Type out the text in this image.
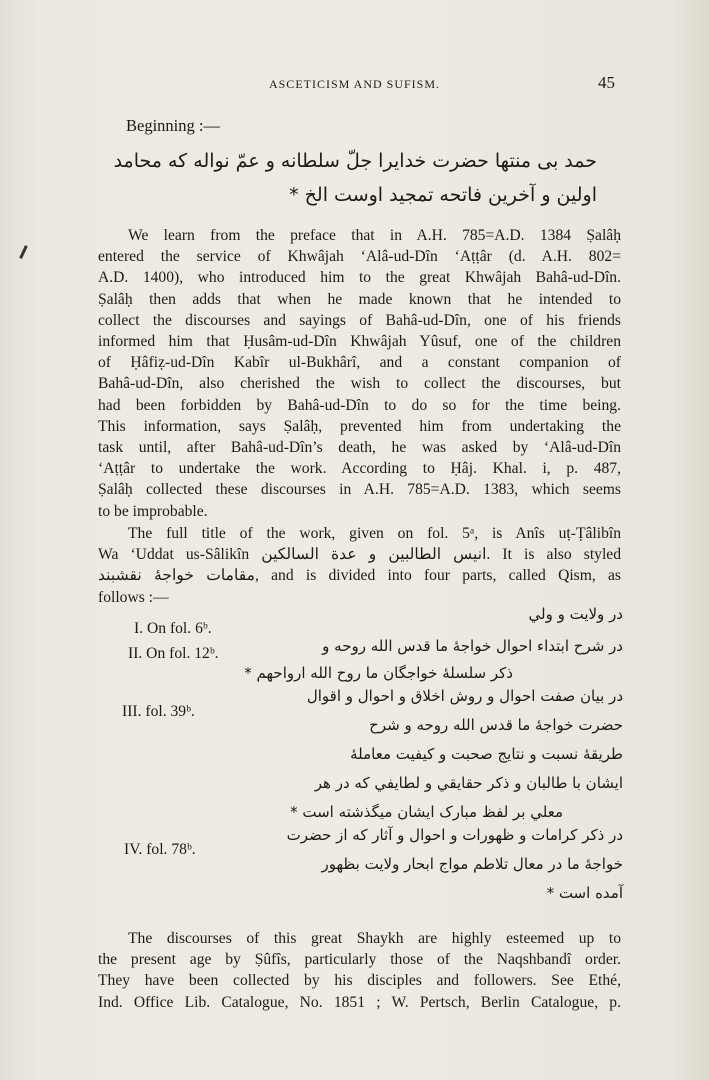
ASCETICISM AND SUFISM.	45
Beginning :—
حمد بی منتها حضرت خدایرا جلّ سلطانه و عمّ نواله که محامد
اولین و آخرین فاتحه تمجید اوست الخ *
We learn from the preface that in A.H. 785=A.D. 1384 Ṣalâḥ
entered the service of Khwâjah ‘Alâ-ud-Dîn ‘Aṭṭâr (d. A.H. 802=
A.D. 1400), who introduced him to the great Khwâjah Bahâ-ud-Dîn.
Ṣalâḥ then adds that when he made known that he intended to
collect the discourses and sayings of Bahâ-ud-Dîn, one of his friends
informed him that Ḥusâm-ud-Dîn Khwâjah Yûsuf, one of the children
of Ḥâfiẓ-ud-Dîn Kabîr ul-Bukhârî, and a constant companion of
Bahâ-ud-Dîn, also cherished the wish to collect the discourses, but
had been forbidden by Bahâ-ud-Dîn to do so for the time being.
This information, says Ṣalâḥ, prevented him from undertaking the
task until, after Bahâ-ud-Dîn’s death, he was asked by ‘Alâ-ud-Dîn
‘Aṭṭâr to undertake the work. According to Ḥâj. Khal. i, p. 487,
Ṣalâḥ collected these discourses in A.H. 785=A.D. 1383, which seems
to be improbable.
The full title of the work, given on fol. 5ᵃ, is Anîs uṭ-Ṭâlibîn
Wa ‘Uddat us-Sâlikîn انیس الطالبین و عدة السالکین. It is also styled
مقامات خواجهٔ نقشبند, and is divided into four parts, called Qism, as
follows :—
I. On fol. 6ᵇ.
در ولایت و ولي
II. On fol. 12ᵇ.	در شرح ابتداء احوال خواجهٔ ما قدس الله روحه و
ذکر سلسلهٔ خواجگان ما روح الله ارواحهم *
III. fol. 39ᵇ.
در بیان صفت احوال و روش اخلاق و احوال و اقوال
حضرت خواجهٔ ما قدس الله روحه و شرح
طریقهٔ نسبت و نتایج صحبت و کیفیت معاملهٔ
ایشان با طالبان و ذکر حقایقي و لطایفي که در هر
معلي بر لفظ مبارک ایشان میگذشته است *
IV. fol. 78ᵇ.
در ذکر کرامات و ظهورات و احوال و آثار که از حضرت
خواجهٔ ما در معال تلاطم مواج ابحار ولایت بظهور
آمده است *
The discourses of this great Shaykh are highly esteemed up to
the present age by Ṣûfîs, particularly those of the Naqshbandî order.
They have been collected by his disciples and followers. See Ethé,
Ind. Office Lib. Catalogue, No. 1851 ; W. Pertsch, Berlin Catalogue, p.
